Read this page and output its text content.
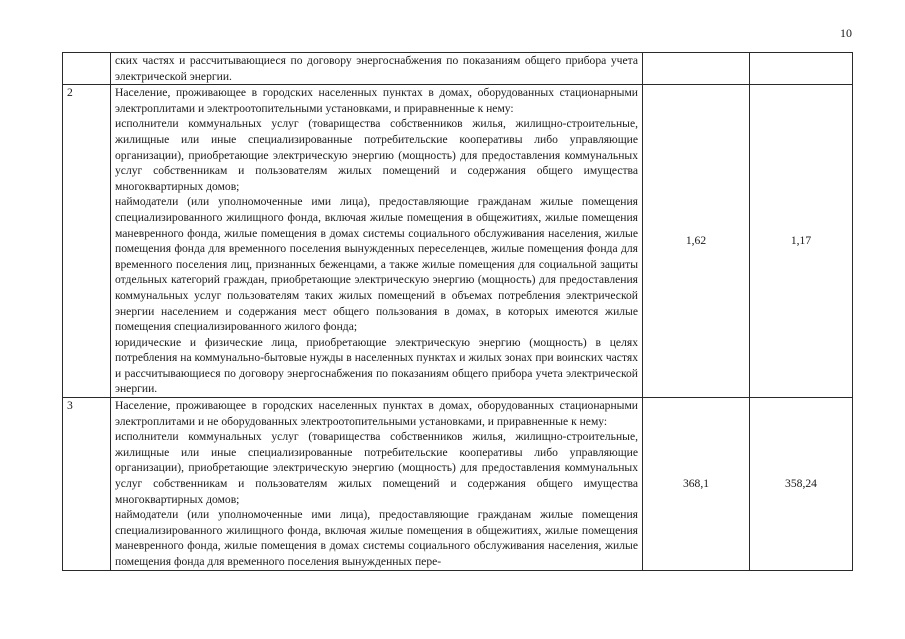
10

	ских частях и рассчитывающиеся по договору энергоснабжения по показаниям общего прибора учета электрической энергии.		

2	Население, проживающее в городских населенных пунктах в домах, оборудованных стационарными электроплитами и электроотопительными установками, и приравненные к нему:

исполнители коммунальных услуг (товарищества собственников жилья, жилищно-строительные, жилищные или иные специализированные потребительские кооперативы либо управляющие организации), приобретающие электрическую энергию (мощность) для предоставления коммунальных услуг собственникам и пользователям жилых помещений и содержания общего имущества многоквартирных домов;

наймодатели (или уполномоченные ими лица), предоставляющие гражданам жилые помещения специализированного жилищного фонда, включая жилые помещения в общежитиях, жилые помещения маневренного фонда, жилые помещения в домах системы социального обслуживания населения, жилые помещения фонда для временного поселения вынужденных переселенцев, жилые помещения фонда для временного поселения лиц, признанных беженцами, а также жилые помещения для социальной защиты отдельных категорий граждан, приобретающие электрическую энергию (мощность) для предоставления коммунальных услуг пользователям таких жилых помещений в объемах потребления электрической энергии населением и содержания мест общего пользования в домах, в которых имеются жилые помещения специализированного жилого фонда;

юридические и физические лица, приобретающие электрическую энергию (мощность) в целях потребления на коммунально-бытовые нужды в населенных пунктах и жилых зонах при воинских частях и рассчитывающиеся по договору энергоснабжения по показаниям общего прибора учета электрической энергии.	1,62	1,17
3	Население, проживающее в городских населенных пунктах в домах, оборудованных стационарными электроплитами и не оборудованных электроотопительными установками, и приравненные к нему:

исполнители коммунальных услуг (товарищества собственников жилья, жилищно-строительные, жилищные или иные специализированные потребительские кооперативы либо управляющие организации), приобретающие электрическую энергию (мощность) для предоставления коммунальных услуг собственникам и пользователям жилых помещений и содержания общего имущества многоквартирных домов;

наймодатели (или уполномоченные ими лица), предоставляющие гражданам жилые помещения специализированного жилищного фонда, включая жилые помещения в общежитиях, жилые помещения маневренного фонда, жилые помещения в домах системы социального обслуживания населения, жилые помещения фонда для временного поселения вынужденных пере-	368,1	358,24
